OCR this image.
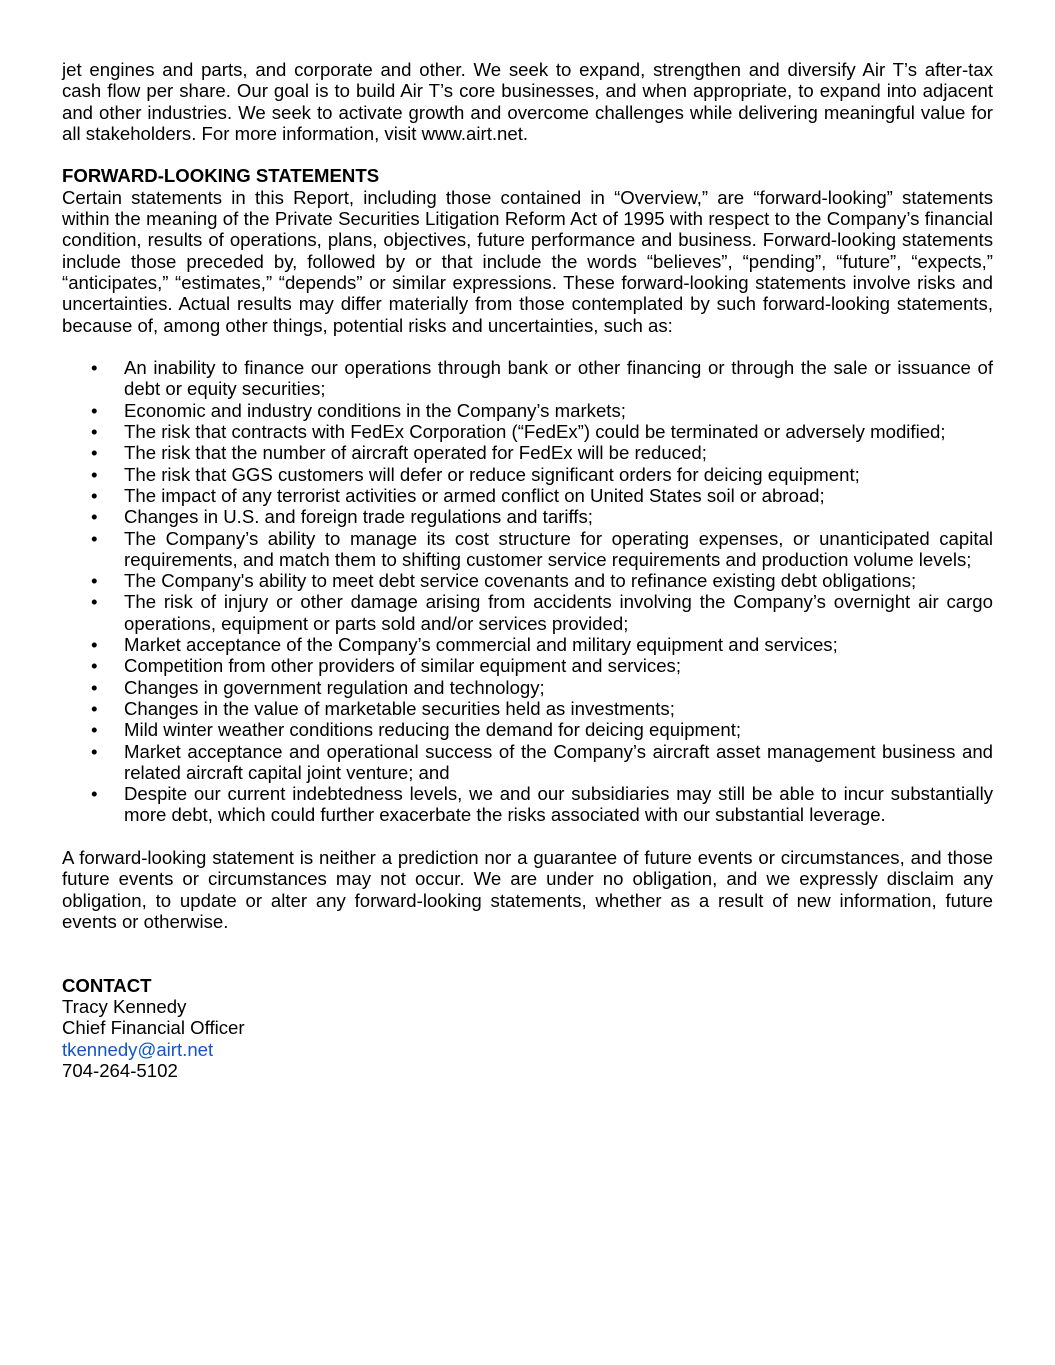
jet engines and parts, and corporate and other. We seek to expand, strengthen and diversify Air T’s after-tax cash flow per share. Our goal is to build Air T’s core businesses, and when appropriate, to expand into adjacent and other industries. We seek to activate growth and overcome challenges while delivering meaningful value for all stakeholders. For more information, visit www.airt.net.

FORWARD-LOOKING STATEMENTS

Certain statements in this Report, including those contained in “Overview,” are “forward-looking” statements within the meaning of the Private Securities Litigation Reform Act of 1995 with respect to the Company’s financial condition, results of operations, plans, objectives, future performance and business. Forward-looking statements include those preceded by, followed by or that include the words “believes”, “pending”, “future”, “expects,” “anticipates,” “estimates,” “depends” or similar expressions. These forward-looking statements involve risks and uncertainties. Actual results may differ materially from those contemplated by such forward-looking statements, because of, among other things, potential risks and uncertainties, such as:

• An inability to finance our operations through bank or other financing or through the sale or issuance of debt or equity securities;
• Economic and industry conditions in the Company’s markets;
• The risk that contracts with FedEx Corporation (“FedEx”) could be terminated or adversely modified;
• The risk that the number of aircraft operated for FedEx will be reduced;
• The risk that GGS customers will defer or reduce significant orders for deicing equipment;
• The impact of any terrorist activities or armed conflict on United States soil or abroad;
• Changes in U.S. and foreign trade regulations and tariffs;
• The Company’s ability to manage its cost structure for operating expenses, or unanticipated capital requirements, and match them to shifting customer service requirements and production volume levels;
• The Company's ability to meet debt service covenants and to refinance existing debt obligations;
• The risk of injury or other damage arising from accidents involving the Company’s overnight air cargo operations, equipment or parts sold and/or services provided;
• Market acceptance of the Company’s commercial and military equipment and services;
• Competition from other providers of similar equipment and services;
• Changes in government regulation and technology;
• Changes in the value of marketable securities held as investments;
• Mild winter weather conditions reducing the demand for deicing equipment;
• Market acceptance and operational success of the Company’s aircraft asset management business and related aircraft capital joint venture; and
• Despite our current indebtedness levels, we and our subsidiaries may still be able to incur substantially more debt, which could further exacerbate the risks associated with our substantial leverage.

A forward-looking statement is neither a prediction nor a guarantee of future events or circumstances, and those future events or circumstances may not occur. We are under no obligation, and we expressly disclaim any obligation, to update or alter any forward-looking statements, whether as a result of new information, future events or otherwise.

CONTACT

Tracy Kennedy

Chief Financial Officer

tkennedy@airt.net

704-264-5102
